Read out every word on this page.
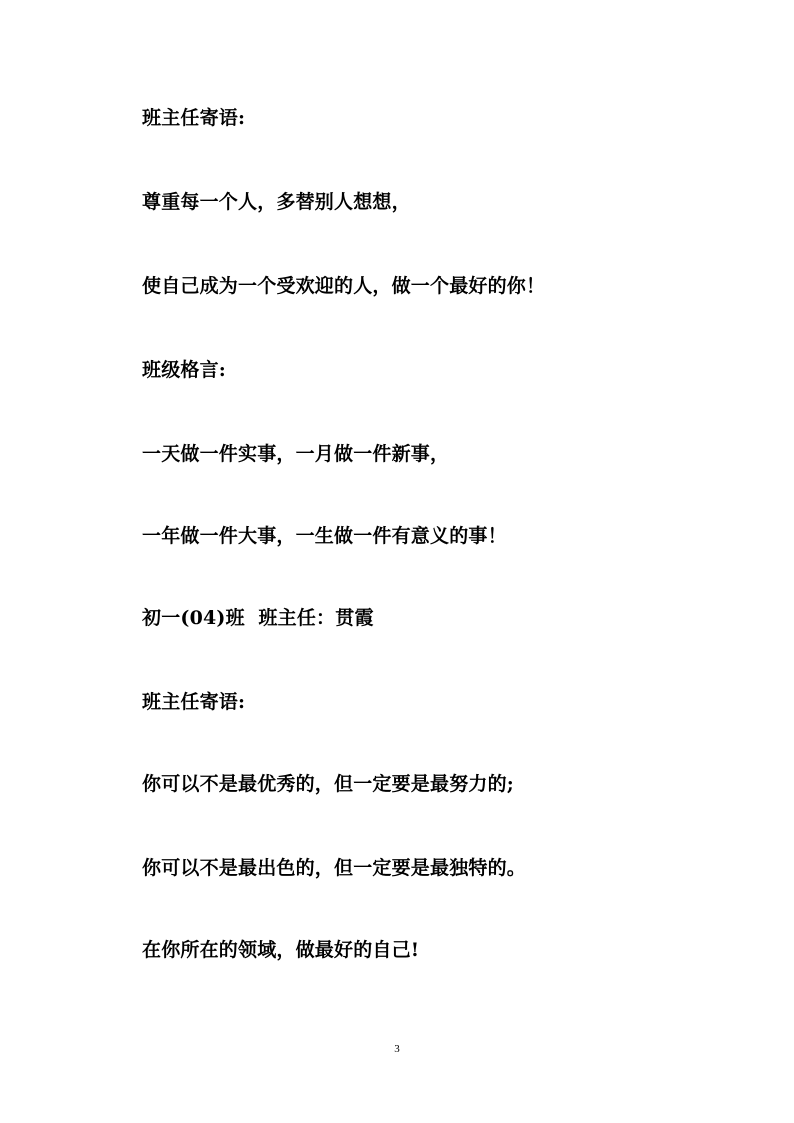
班主任寄语:
尊重每一个人，多替别人想想，
使自己成为一个受欢迎的人，做一个最好的你！
班级格言:
一天做一件实事，一月做一件新事，
一年做一件大事，一生做一件有意义的事！
初一(04)班  班主任：贯霞
班主任寄语:
你可以不是最优秀的，但一定要是最努力的;
你可以不是最出色的，但一定要是最独特的。
在你所在的领域，做最好的自己!
3
